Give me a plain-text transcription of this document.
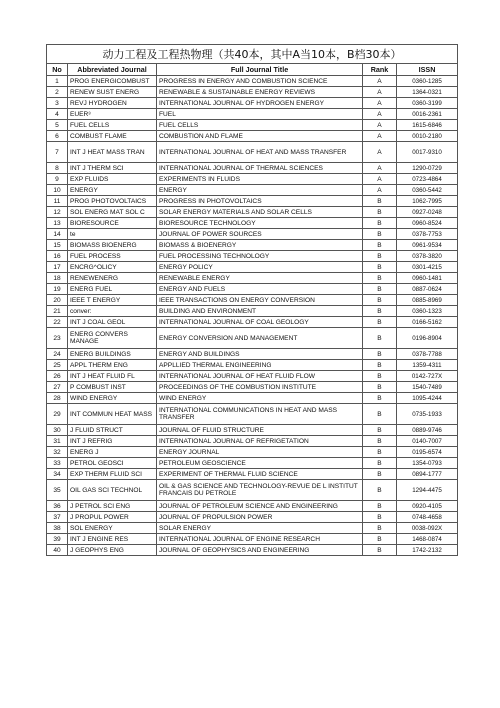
动力工程及工程热物理（共40本，其中A当10本，B档30本）				
No	Abbreviated Journal	Full Journal Title	Rank	ISSN
1	PROG ENERGICOMBUST	PROGRESS IN ENERGY AND COMBUSTION SCIENCE	A	0360-1285
2	RENEW SUST ENERG	RENEWABLE & SUSTAINABLE ENERGY REVIEWS	A	1364-0321
3	REVJ HYDROGEN	INTERNATIONAL JOURNAL OF HYDROGEN ENERGY	A	0360-3199
4	EUER³	FUEL	A	0016-2361
5	FUEL CELLS	FUEL CELLS	A	1615-6846
6	COMBUST FLAME	COMBUSTION AND FLAME	A	0010-2180
7	INT J HEAT MASS TRAN	INTERNATIONAL JOURNAL OF HEAT AND MASS TRANSFER	A	0017-9310
8	INT J THERM SCI	INTERNATIONAL JOURNAL OF THERMAL SCIENCES	A	1290-0729
9	EXP FLUIDS	EXPERIMENTS IN FLUIDS	A	0723-4864
10	ENERGY	ENERGY	A	0360-5442
11	PROG PHOTOVOLTAICS	PROGRESS IN PHOTOVOLTAICS	B	1062-7995
12	SOL ENERG MAT SOL C	SOLAR ENERGY MATERIALS AND SOLAR CELLS	B	0927-0248
13	BIORESOURCE	BIORESOURCE TECHNOLOGY	B	0960-8524
14	te	JOURNAL OF POWER SOURCES	B	0378-7753
15	BIOMASS BIOENERG	BIOMASS & BIOENERGY	B	0961-9534
16	FUEL PROCESS	FUEL PROCESSING TECHNOLOGY	B	0378-3820
17	ENCRG^OLICY	ENERGY POLICY	B	0301-4215
18	RENEWENERG	RENEWABLE ENERGY	B	0960-1481
19	ENERG FUEL	ENERGY AND FUELS	B	0887-0624
20	IEEE T ENERGY	IEEE TRANSACTIONS ON ENERGY CONVERSION	B	0885-8969
21	conver:	BUILDING AND ENVIRONMENT	B	0360-1323
22	INT J COAL GEOL	INTERNATIONAL JOURNAL OF COAL GEOLOGY	B	0166-5162
23	ENERG CONVERS MANAGE	ENERGY CONVERSION AND MANAGEMENT	B	0196-8904
24	ENERG BUILDINGS	ENERGY AND BUILDINGS	B	0378-7788
25	APPL THERM ENG	APPLLIED THERMAL ENGINEERING	B	1359-4311
26	INT J HEAT FLUID FL	INTERNATIONAL JOURNAL OF HEAT FLUID FLOW	B	0142-727X
27	P COMBUST INST	PROCEEDINGS OF THE COMBUSTION INSTITUTE	B	1540-7489
28	WIND ENERGY	WIND ENERGY	B	1095-4244
29	INT COMMUN HEAT MASS	INTERNATIONAL COMMUNICATIONS IN HEAT AND MASS TRANSFER	B	0735-1933
30	J FLUID STRUCT	JOURNAL OF FLUID STRUCTURE	B	0889-9746
31	INT J REFRIG	INTERNATIONAL JOURNAL OF REFRIGETATION	B	0140-7007
32	ENERG J	ENERGY JOURNAL	B	0195-6574
33	PETROL GEOSCI	PETROLEUM GEOSCIENCE	B	1354-0793
34	EXP THERM FLUID SCI	EXPERIMENT OF THERMAL FLUID SCIENCE	B	0894-1777
35	OIL GAS SCI TECHNOL	OIL & GAS SCIENCE AND TECHNOLOGY-REVUE DE L INSTITUT FRANCAIS DU PETROLE	B	1294-4475
36	J PETROL SCI ENG	JOURNAL OF PETROLEUM SCIENCE AND ENGINEERING	B	0920-4105
37	J PROPUL POWER	JOURNAL OF PROPULSION POWER	B	0748-4658
38	SOL ENERGY	SOLAR ENERGY	B	0038-092X
39	INT J ENGINE RES	INTERNATIONAL JOURNAL OF ENGINE RESEARCH	B	1468-0874
40	J GEOPHYS ENG	JOURNAL OF GEOPHYSICS AND ENGINEERING	B	1742-2132
